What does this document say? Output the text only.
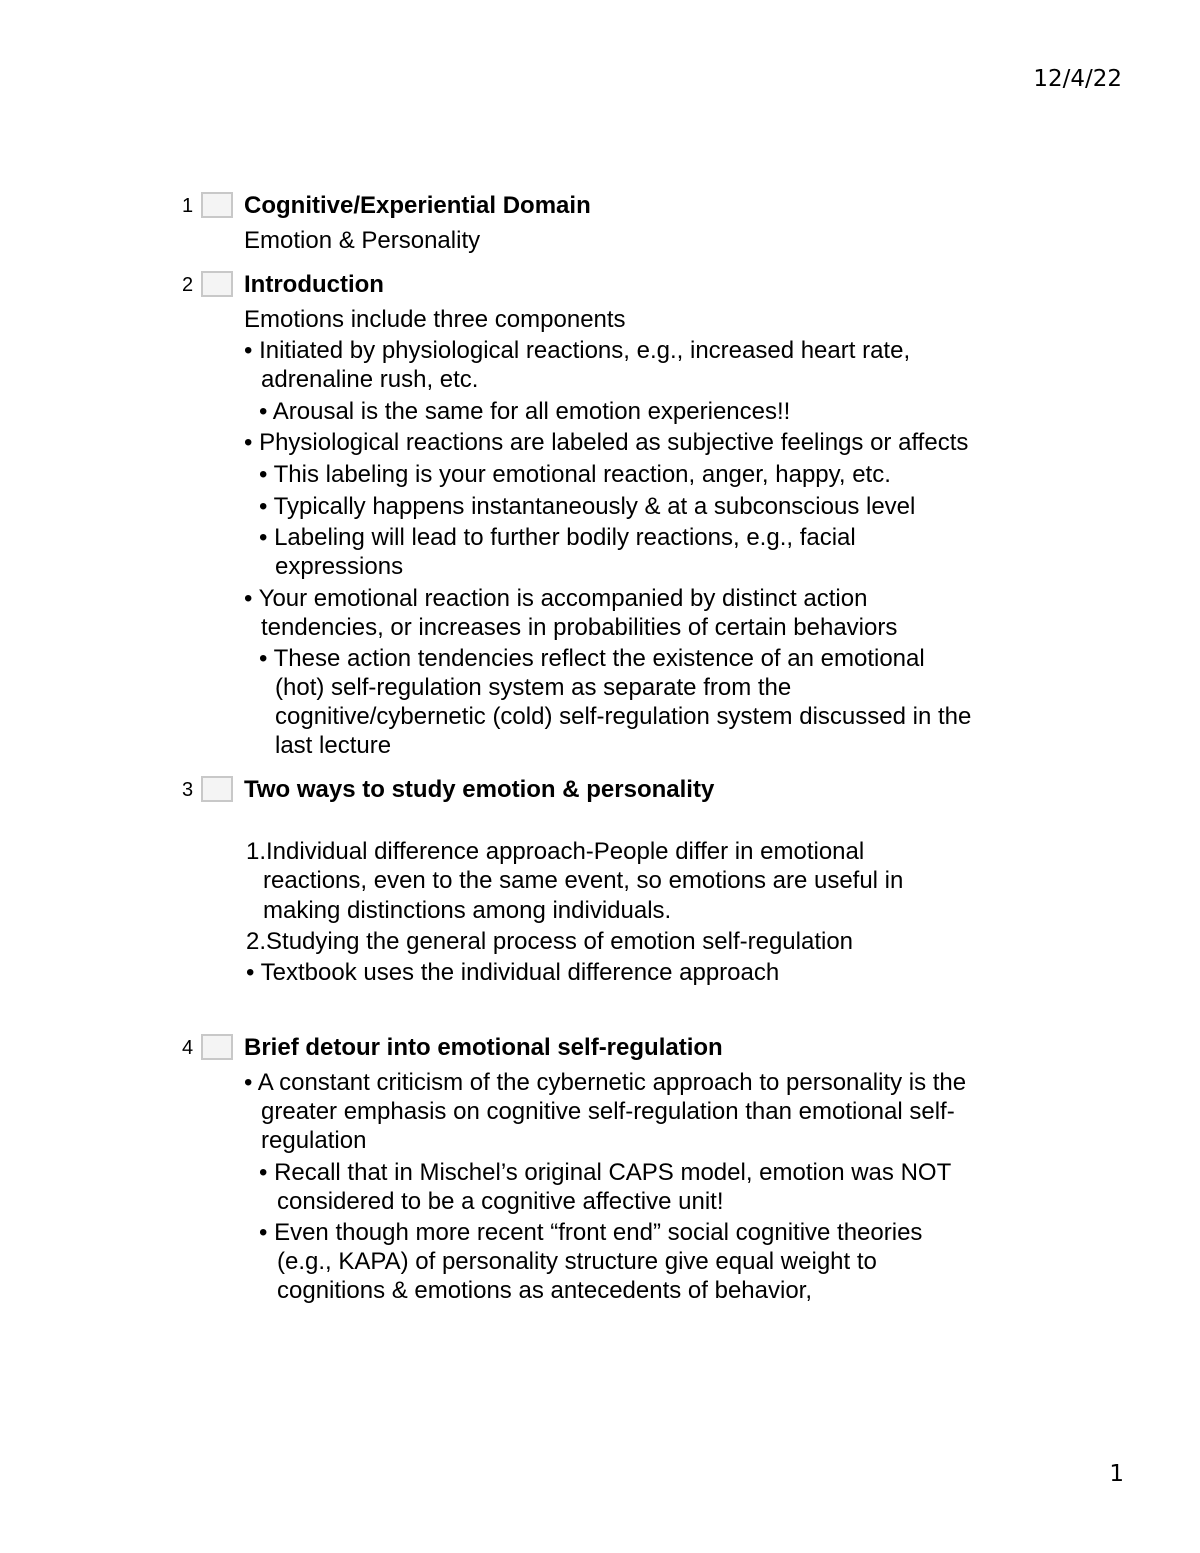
12/4/22
1 Cognitive/Experiential Domain
Emotion & Personality
2 Introduction
Emotions include three components
• Initiated by physiological reactions, e.g., increased heart rate,
adrenaline rush, etc.
• Arousal is the same for all emotion experiences!!
• Physiological reactions are labeled as subjective feelings or affects
• This labeling is your emotional reaction, anger, happy, etc.
• Typically happens instantaneously & at a subconscious level
• Labeling will lead to further bodily reactions, e.g., facial
expressions
• Your emotional reaction is accompanied by distinct action
tendencies, or increases in probabilities of certain behaviors
• These action tendencies reflect the existence of an emotional
(hot) self-regulation system as separate from the
cognitive/cybernetic (cold) self-regulation system discussed in the
last lecture
3 Two ways to study emotion & personality
1.Individual difference approach-People differ in emotional
reactions, even to the same event, so emotions are useful in
making distinctions among individuals.
2.Studying the general process of emotion self-regulation
• Textbook uses the individual difference approach
4 Brief detour into emotional self-regulation
• A constant criticism of the cybernetic approach to personality is the
greater emphasis on cognitive self-regulation than emotional self-
regulation
• Recall that in Mischel’s original CAPS model, emotion was NOT
considered to be a cognitive affective unit!
• Even though more recent “front end” social cognitive theories
(e.g., KAPA) of personality structure give equal weight to
cognitions & emotions as antecedents of behavior,
1
